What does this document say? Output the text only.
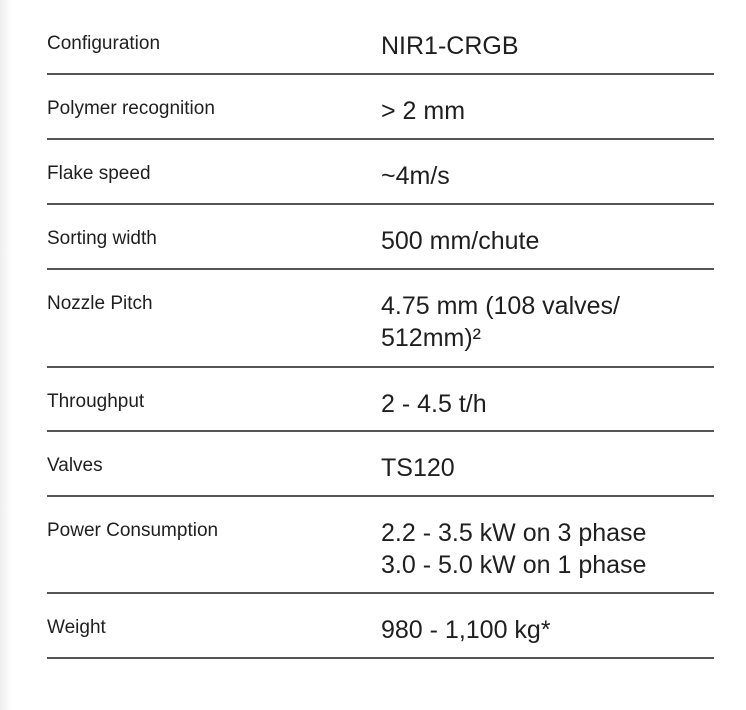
Configuration	NIR1-CRGB
Polymer recognition	> 2 mm
Flake speed	~4m/s
Sorting width	500 mm/chute
Nozzle Pitch	4.75 mm (108 valves/
512mm)²
Throughput	2 - 4.5 t/h
Valves	TS120
Power Consumption	2.2 - 3.5 kW on 3 phase
3.0 - 5.0 kW on 1 phase
Weight	980 - 1,100 kg*
